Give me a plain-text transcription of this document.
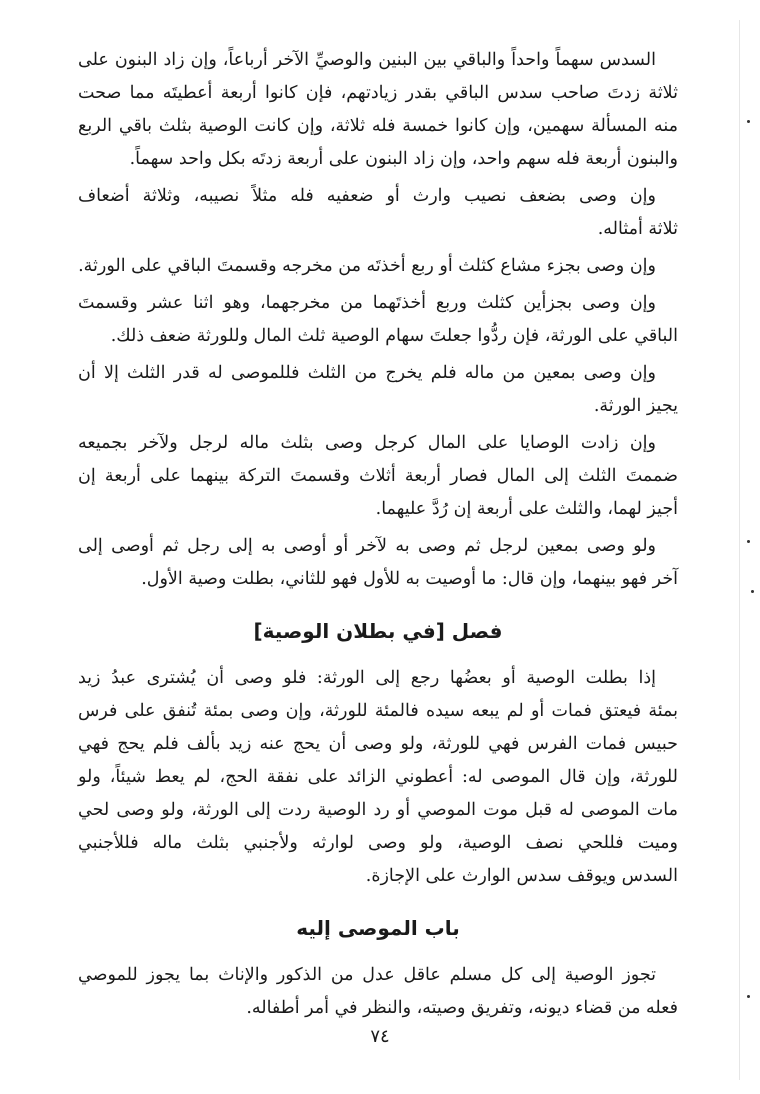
السدس سهماً واحداً والباقي بين البنين والوصيِّ الآخر أرباعاً، وإن زاد البنون على
ثلاثة زدتَ صاحب سدس الباقي بقدر زيادتهم، فإن كانوا أربعة أعطيتَه مما صحت
منه المسألة سهمين، وإن كانوا خمسة فله ثلاثة، وإن كانت الوصية بثلث باقي الربع
والبنون أربعة فله سهم واحد، وإن زاد البنون على أربعة زدتَه بكل واحد سهماً.
وإن وصى بضعف نصيب وارث أو ضعفيه فله مثلاً نصيبه، وثلاثة أضعاف
ثلاثة أمثاله.
وإن وصى بجزء مشاع كثلث أو ربع أخذتَه من مخرجه وقسمتَ الباقي على الورثة.
وإن وصى بجزأين كثلث وربع أخذتَهما من مخرجهما، وهو اثنا عشر وقسمتَ
الباقي على الورثة، فإن ردُّوا جعلتَ سهام الوصية ثلث المال وللورثة ضعف ذلك.
وإن وصى بمعين من ماله فلم يخرج من الثلث فللموصى له قدر الثلث إلا أن
يجيز الورثة.
وإن زادت الوصايا على المال كرجل وصى بثلث ماله لرجل ولآخر بجميعه
ضممتَ الثلث إلى المال فصار أربعة أثلاث وقسمتَ التركة بينهما على أربعة إن
أجيز لهما، والثلث على أربعة إن رُدَّ عليهما.
ولو وصى بمعين لرجل ثم وصى به لآخر أو أوصى به إلى رجل ثم أوصى إلى
آخر فهو بينهما، وإن قال: ما أوصيت به للأول فهو للثاني، بطلت وصية الأول.
فصل [في بطلان الوصية]
إذا بطلت الوصية أو بعضُها رجع إلى الورثة: فلو وصى أن يُشترى عبدُ زيد
بمئة فيعتق فمات أو لم يبعه سيده فالمئة للورثة، وإن وصى بمئة تُنفق على فرس
حبيس فمات الفرس فهي للورثة، ولو وصى أن يحج عنه زيد بألف فلم يحج فهي
للورثة، وإن قال الموصى له: أعطوني الزائد على نفقة الحج، لم يعط شيئاً، ولو
مات الموصى له قبل موت الموصي أو رد الوصية ردت إلى الورثة، ولو وصى لحي
وميت فللحي نصف الوصية، ولو وصى لوارثه ولأجنبي بثلث ماله فللأجنبي
السدس ويوقف سدس الوارث على الإجازة.
باب الموصى إليه
تجوز الوصية إلى كل مسلم عاقل عدل من الذكور والإناث بما يجوز للموصي
فعله من قضاء ديونه، وتفريق وصيته، والنظر في أمر أطفاله.
٧٤
